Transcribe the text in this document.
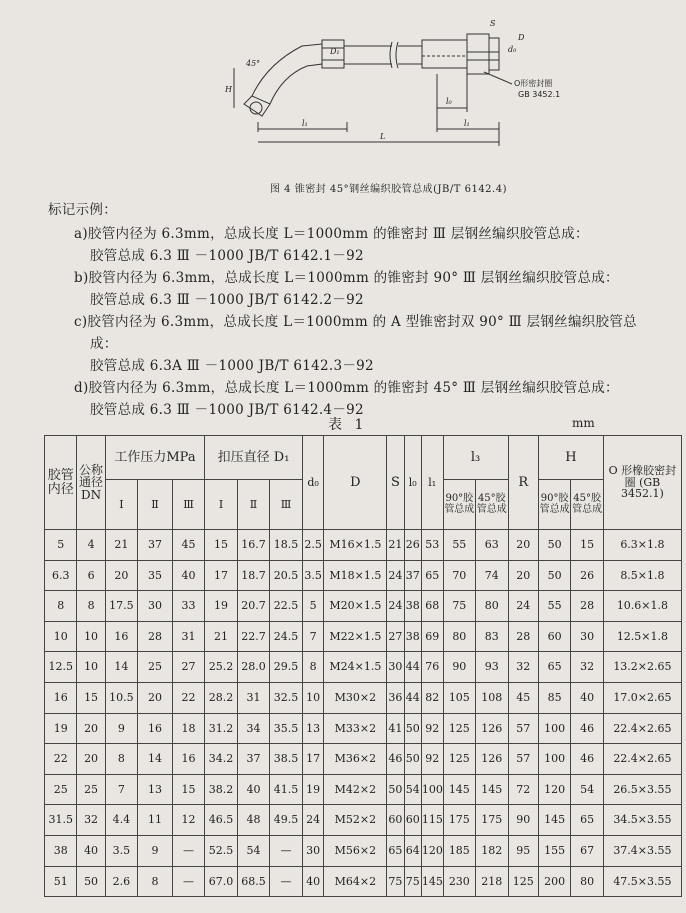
45°
H
D₁	d₀
S
D
l₀
l₁	l₁
L
O形密封圈
GB 3452.1
图 4 锥密封 45°钢丝编织胶管总成(JB/T 6142.4)
标记示例：
a)胶管内径为 6.3mm，总成长度 L＝1000mm 的锥密封 Ⅲ 层钢丝编织胶管总成：
胶管总成 6.3 Ⅲ －1000 JB/T 6142.1－92
b)胶管内径为 6.3mm，总成长度 L＝1000mm 的锥密封 90° Ⅲ 层钢丝编织胶管总成：
胶管总成 6.3 Ⅲ －1000 JB/T 6142.2－92
c)胶管内径为 6.3mm，总成长度 L＝1000mm 的 A 型锥密封双 90° Ⅲ 层钢丝编织胶管总
成：
胶管总成 6.3A Ⅲ －1000 JB/T 6142.3－92
d)胶管内径为 6.3mm，总成长度 L＝1000mm 的锥密封 45° Ⅲ 层钢丝编织胶管总成：
胶管总成 6.3 Ⅲ －1000 JB/T 6142.4－92
表 1	mm
胶管内径	公称通径DN	工作压力MPa			扣压直径 D₁			d₀	D	S	l₀	l₁	l₃		R	H		O 形橡胶密封圈 (GB 3452.1)
		Ⅰ	Ⅱ	Ⅲ	Ⅰ	Ⅱ	Ⅲ						90°胶管总成	45°胶管总成		90°胶管总成	45°胶管总成	
5	4	21	37	45	15	16.7	18.5	2.5	M16×1.5	21	26	53	55	63	20	50	15	6.3×1.8
6.3	6	20	35	40	17	18.7	20.5	3.5	M18×1.5	24	37	65	70	74	20	50	26	8.5×1.8
8	8	17.5	30	33	19	20.7	22.5	5	M20×1.5	24	38	68	75	80	24	55	28	10.6×1.8
10	10	16	28	31	21	22.7	24.5	7	M22×1.5	27	38	69	80	83	28	60	30	12.5×1.8
12.5	10	14	25	27	25.2	28.0	29.5	8	M24×1.5	30	44	76	90	93	32	65	32	13.2×2.65
16	15	10.5	20	22	28.2	31	32.5	10	M30×2	36	44	82	105	108	45	85	40	17.0×2.65
19	20	9	16	18	31.2	34	35.5	13	M33×2	41	50	92	125	126	57	100	46	22.4×2.65
22	20	8	14	16	34.2	37	38.5	17	M36×2	46	50	92	125	126	57	100	46	22.4×2.65
25	25	7	13	15	38.2	40	41.5	19	M42×2	50	54	100	145	145	72	120	54	26.5×3.55
31.5	32	4.4	11	12	46.5	48	49.5	24	M52×2	60	60	115	175	175	90	145	65	34.5×3.55
38	40	3.5	9	—	52.5	54	—	30	M56×2	65	64	120	185	182	95	155	67	37.4×3.55
51	50	2.6	8	—	67.0	68.5	—	40	M64×2	75	75	145	230	218	125	200	80	47.5×3.55
